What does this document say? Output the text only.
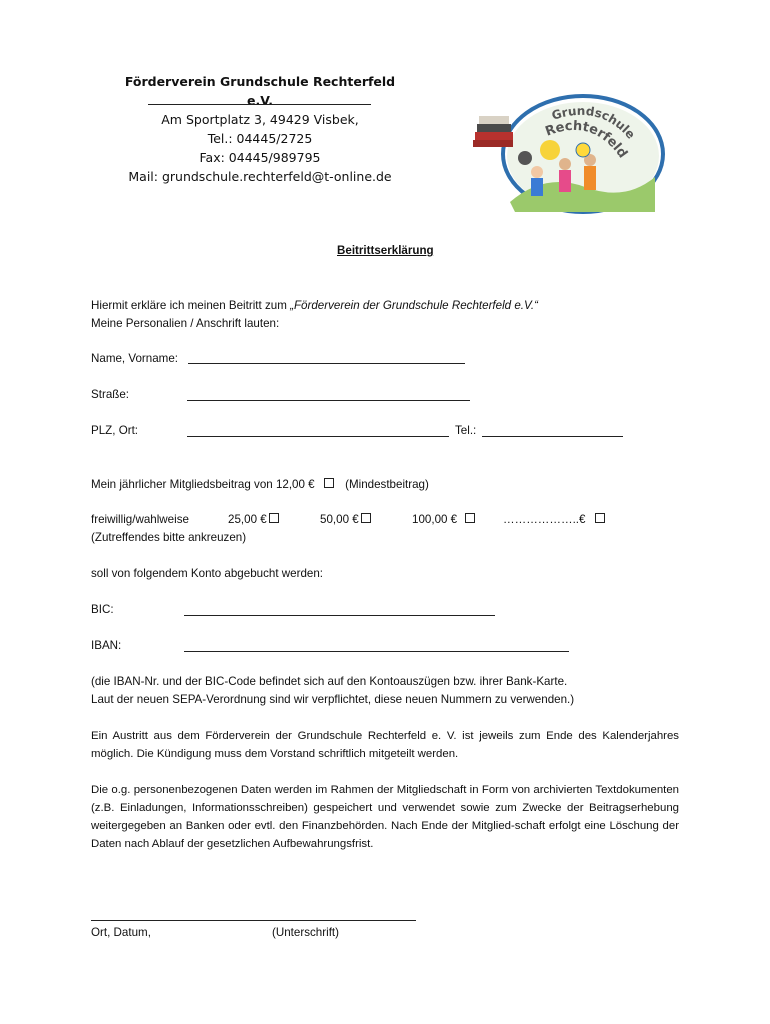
Förderverein Grundschule Rechterfeld e.V.
Am Sportplatz 3, 49429 Visbek,
Tel.: 04445/2725
Fax: 04445/989795
Mail: grundschule.rechterfeld@t-online.de
Grundschule
Rechterfeld
Beitrittserklärung
Hiermit erkläre ich meinen Beitritt zum „Förderverein der Grundschule Rechterfeld e.V.“
Meine Personalien / Anschrift lauten:
Name, Vorname:
Straße:
PLZ, Ort:	Tel.:
Mein jährlicher Mitgliedsbeitrag von 12,00 €	(Mindestbeitrag)
freiwillig/wahlweise	25,00 €	50,00 €	100,00 €	………………..€
(Zutreffendes bitte ankreuzen)
soll von folgendem Konto abgebucht werden:
BIC:
IBAN:
(die IBAN-Nr. und der BIC-Code befindet sich auf den Kontoauszügen bzw. ihrer Bank-Karte.
Laut der neuen SEPA-Verordnung sind wir verpflichtet, diese neuen Nummern zu verwenden.)
Ein Austritt aus dem Förderverein der Grundschule Rechterfeld e. V. ist jeweils zum Ende des Kalenderjahres möglich. Die Kündigung muss dem Vorstand schriftlich mitgeteilt werden.
Die o.g. personenbezogenen Daten werden im Rahmen der Mitgliedschaft in Form von archivierten Textdokumenten (z.B. Einladungen, Informationsschreiben) gespeichert und verwendet sowie zum Zwecke der Beitragserhebung weitergegeben an Banken oder evtl. den Finanzbehörden. Nach Ende der Mitglied-schaft erfolgt eine Löschung der Daten nach Ablauf der gesetzlichen Aufbewahrungsfrist.
Ort, Datum,	(Unterschrift)
